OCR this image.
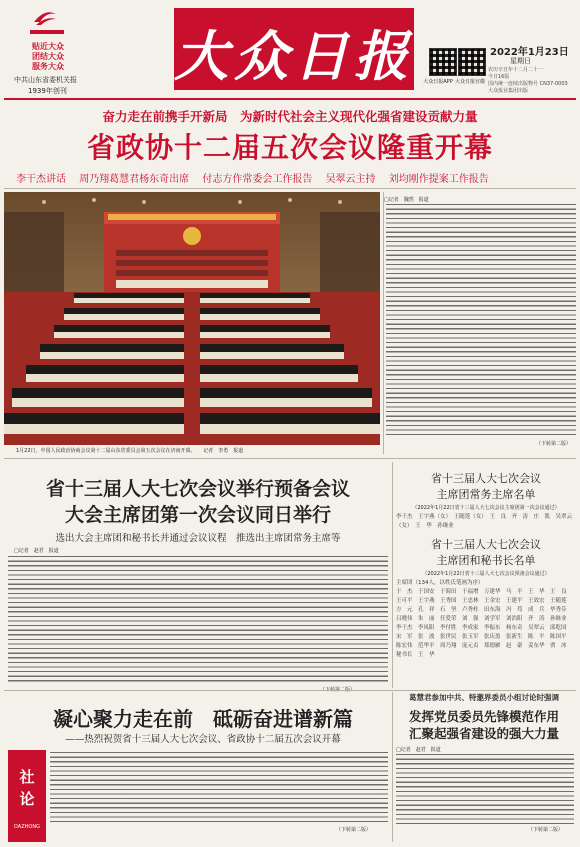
贴近大众
团结大众
服务大众
中共山东省委机关报
1939年创刊
大众日报	大众日报APP 大众日报官微
2022年1月23日
星期日
农历辛丑年十二月二十一
今日16版
国内统一连续出版物号 CN37-0003
大众报业集团出版
奋力走在前携手开新局　为新时代社会主义现代化强省建设贡献力量
省政协十二届五次会议隆重开幕
李干杰讲话 周乃翔葛慧君杨东奇出席 付志方作常委会工作报告 吴翠云主持 刘均刚作提案工作报告
1月22日，中国人民政治协商会议第十二届山东省委员会第五次会议在济南开幕。 记者　李勇　报道
□记者　魏然　报道
（下转第二版）
省十三届人大七次会议举行预备会议
大会主席团第一次会议同日举行
选出大会主席团和秘书长并通过会议议程　推选出主席团常务主席等
□记者　赵君　报道
省十三届人大七次会议
主席团常务主席名单
（2022年1月22日省十三届人大七次会议主席团第一次会议通过）
李干杰　王宇燕（女）　王随莲（女）　王　良　齐　涛　庄　凯　吴翠云（女）　王　华　孙继业
省十三届人大七次会议
主席团和秘书长名单
（2022年1月22日省十三届人大七次会议预备会议通过）
主席团（134人，以姓氏笔画为序）
于　杰　于国安　于海田　于福增　万建华　马　平　王　华　王　良
王可平　王宇燕　王秀国　王忠林　王金宏　王建平　王效宏　王随莲
方　元　孔　祥　石　坚　卢秀柱　田东海　冯　苟　成　兵　毕秀芬
吕晓伟　朱　丽　任爱荣　刘　强　刘学军　刘浩阳　齐　涛　孙继业
李干杰　李凤阳　李付胜　李成家　李振东　杨东奇　吴翠云　邱乾国
宋　军　张　波　张世民　张玉军　张庆盈　张新生　陈　平　陈国平
陈宏伟　范华平　周乃翔　庞元贞　郑德雁　赵　豪　姜东华　贾　冰
秘书长　王　华
凝心聚力走在前　砥砺奋进谱新篇
——热烈祝贺省十三届人大七次会议、省政协十二届五次会议开幕
社
论
DAZHONG	（下转第二版）
葛慧君参加中共、特邀界委员小组讨论时强调
发挥党员委员先锋模范作用
汇聚起强省建设的强大力量
□记者　赵君　报道
（下转第二版）
